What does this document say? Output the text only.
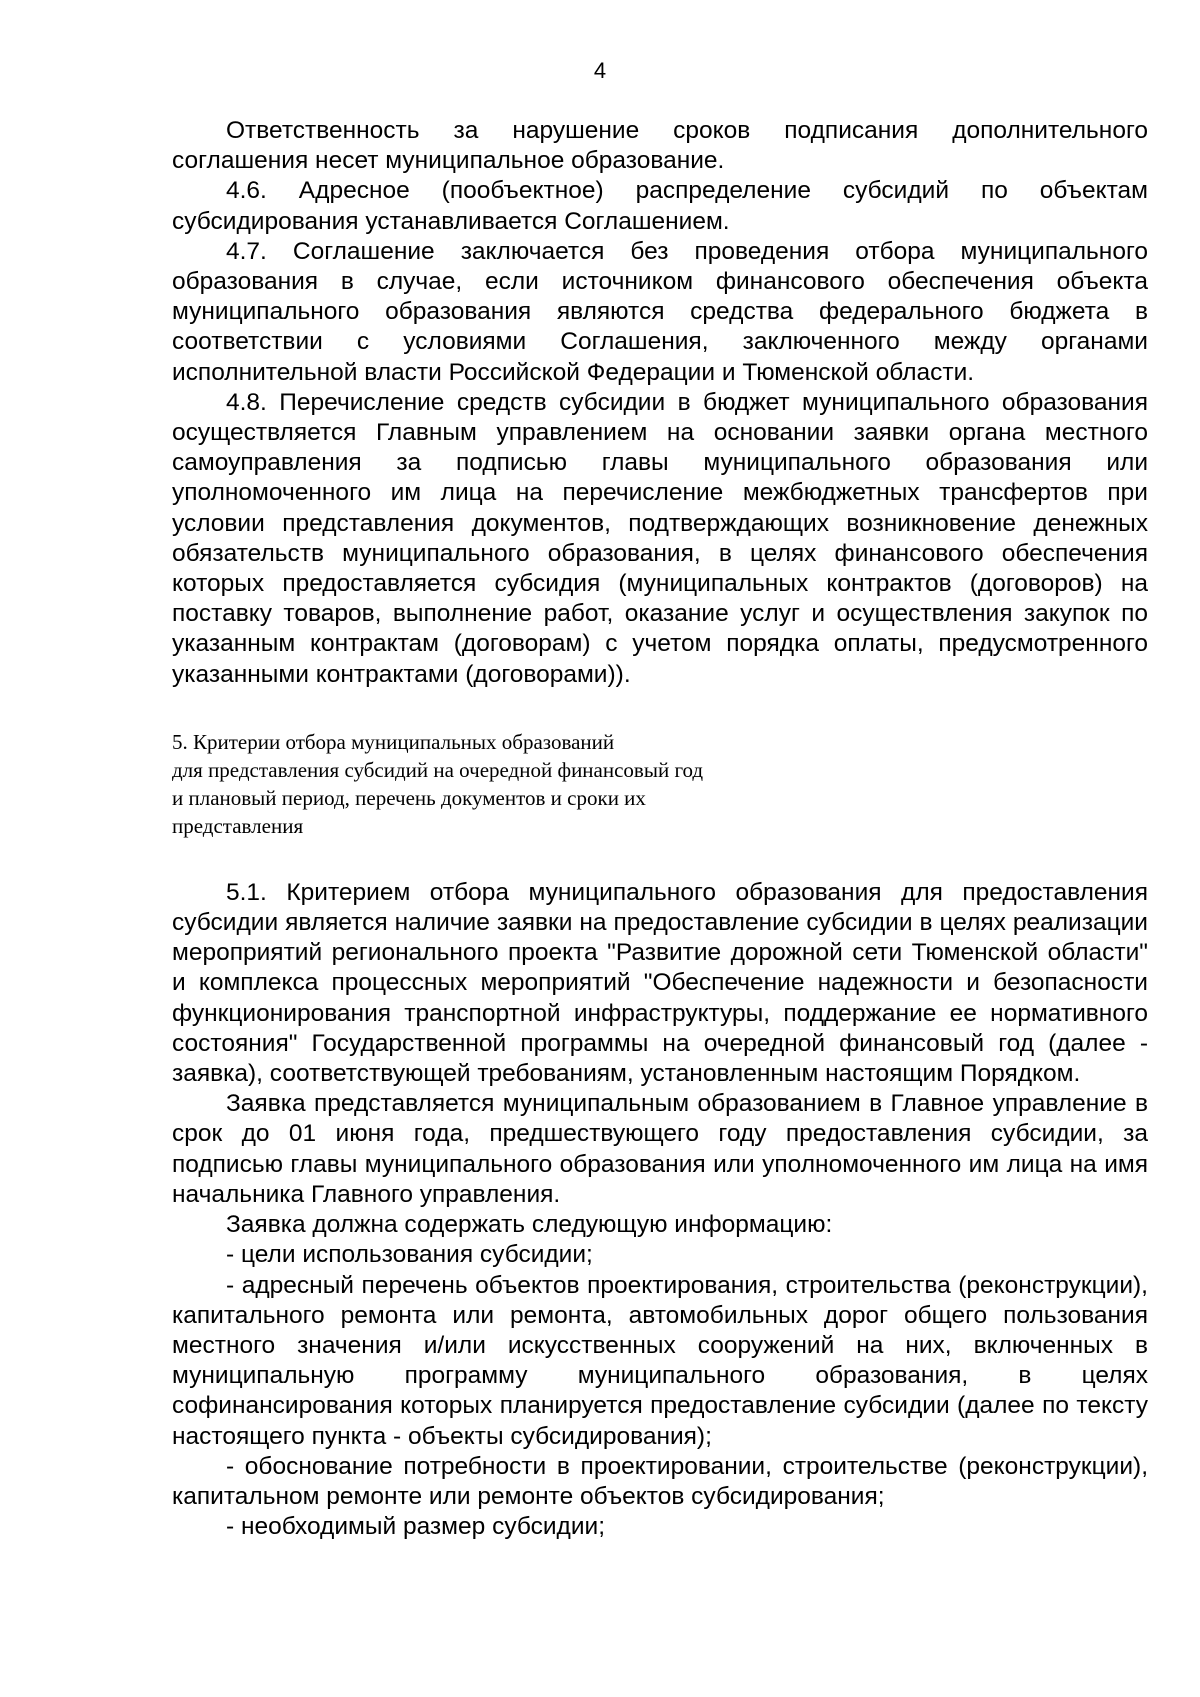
4

Ответственность за нарушение сроков подписания дополнительного соглашения несет муниципальное образование.

4.6. Адресное (пообъектное) распределение субсидий по объектам субсидирования устанавливается Соглашением.

4.7. Соглашение заключается без проведения отбора муниципального образования в случае, если источником финансового обеспечения объекта муниципального образования являются средства федерального бюджета в соответствии с условиями Соглашения, заключенного между органами исполнительной власти Российской Федерации и Тюменской области.

4.8. Перечисление средств субсидии в бюджет муниципального образования осуществляется Главным управлением на основании заявки органа местного самоуправления за подписью главы муниципального образования или уполномоченного им лица на перечисление межбюджетных трансфертов при условии представления документов, подтверждающих возникновение денежных обязательств муниципального образования, в целях финансового обеспечения которых предоставляется субсидия (муниципальных контрактов (договоров) на поставку товаров, выполнение работ, оказание услуг и осуществления закупок по указанным контрактам (договорам) с учетом порядка оплаты, предусмотренного указанными контрактами (договорами)).

5. Критерии отбора муниципальных образований
для представления субсидий на очередной финансовый год
и плановый период, перечень документов и сроки их
представления

5.1. Критерием отбора муниципального образования для предоставления субсидии является наличие заявки на предоставление субсидии в целях реализации мероприятий регионального проекта "Развитие дорожной сети Тюменской области" и комплекса процессных мероприятий "Обеспечение надежности и безопасности функционирования транспортной инфраструктуры, поддержание ее нормативного состояния" Государственной программы на очередной финансовый год (далее - заявка), соответствующей требованиям, установленным настоящим Порядком.

Заявка представляется муниципальным образованием в Главное управление в срок до 01 июня года, предшествующего году предоставления субсидии, за подписью главы муниципального образования или уполномоченного им лица на имя начальника Главного управления.

Заявка должна содержать следующую информацию:

- цели использования субсидии;

- адресный перечень объектов проектирования, строительства (реконструкции), капитального ремонта или ремонта, автомобильных дорог общего пользования местного значения и/или искусственных сооружений на них, включенных в муниципальную программу муниципального образования, в целях софинансирования которых планируется предоставление субсидии (далее по тексту настоящего пункта - объекты субсидирования);

- обоснование потребности в проектировании, строительстве (реконструкции), капитальном ремонте или ремонте объектов субсидирования;

- необходимый размер субсидии;
